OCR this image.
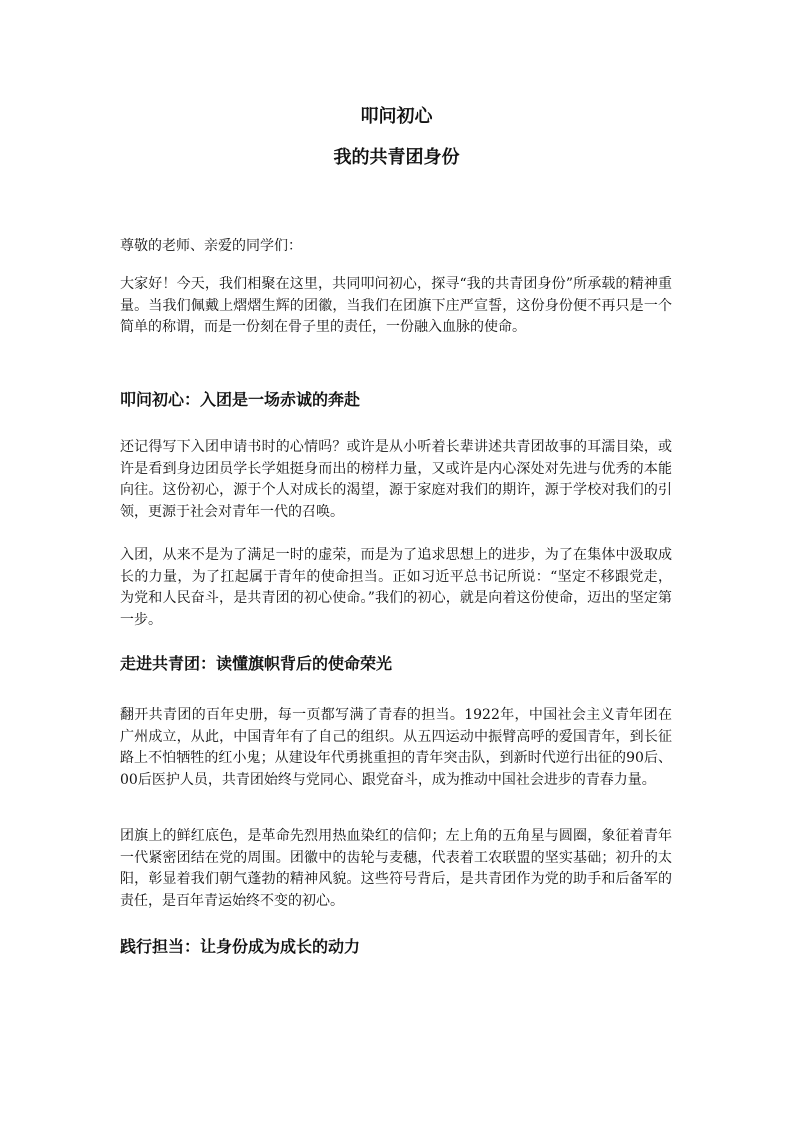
叩问初心
我的共青团身份

尊敬的老师、亲爱的同学们：

大家好！今天，我们相聚在这里，共同叩问初心，探寻“我的共青团身份”所承载的精神重量。当我们佩戴上熠熠生辉的团徽，当我们在团旗下庄严宣誓，这份身份便不再只是一个简单的称谓，而是一份刻在骨子里的责任，一份融入血脉的使命。

叩问初心：入团是一场赤诚的奔赴

还记得写下入团申请书时的心情吗？或许是从小听着长辈讲述共青团故事的耳濡目染，或许是看到身边团员学长学姐挺身而出的榜样力量，又或许是内心深处对先进与优秀的本能向往。这份初心，源于个人对成长的渴望，源于家庭对我们的期许，源于学校对我们的引领，更源于社会对青年一代的召唤。

入团，从来不是为了满足一时的虚荣，而是为了追求思想上的进步，为了在集体中汲取成长的力量，为了扛起属于青年的使命担当。正如习近平总书记所说：“坚定不移跟党走，为党和人民奋斗，是共青团的初心使命。”我们的初心，就是向着这份使命，迈出的坚定第一步。

走进共青团：读懂旗帜背后的使命荣光

翻开共青团的百年史册，每一页都写满了青春的担当。1922年，中国社会主义青年团在广州成立，从此，中国青年有了自己的组织。从五四运动中振臂高呼的爱国青年，到长征路上不怕牺牲的红小鬼；从建设年代勇挑重担的青年突击队，到新时代逆行出征的90后、00后医护人员，共青团始终与党同心、跟党奋斗，成为推动中国社会进步的青春力量。

团旗上的鲜红底色，是革命先烈用热血染红的信仰；左上角的五角星与圆圈，象征着青年一代紧密团结在党的周围。团徽中的齿轮与麦穗，代表着工农联盟的坚实基础；初升的太阳，彰显着我们朝气蓬勃的精神风貌。这些符号背后，是共青团作为党的助手和后备军的责任，是百年青运始终不变的初心。

践行担当：让身份成为成长的动力
